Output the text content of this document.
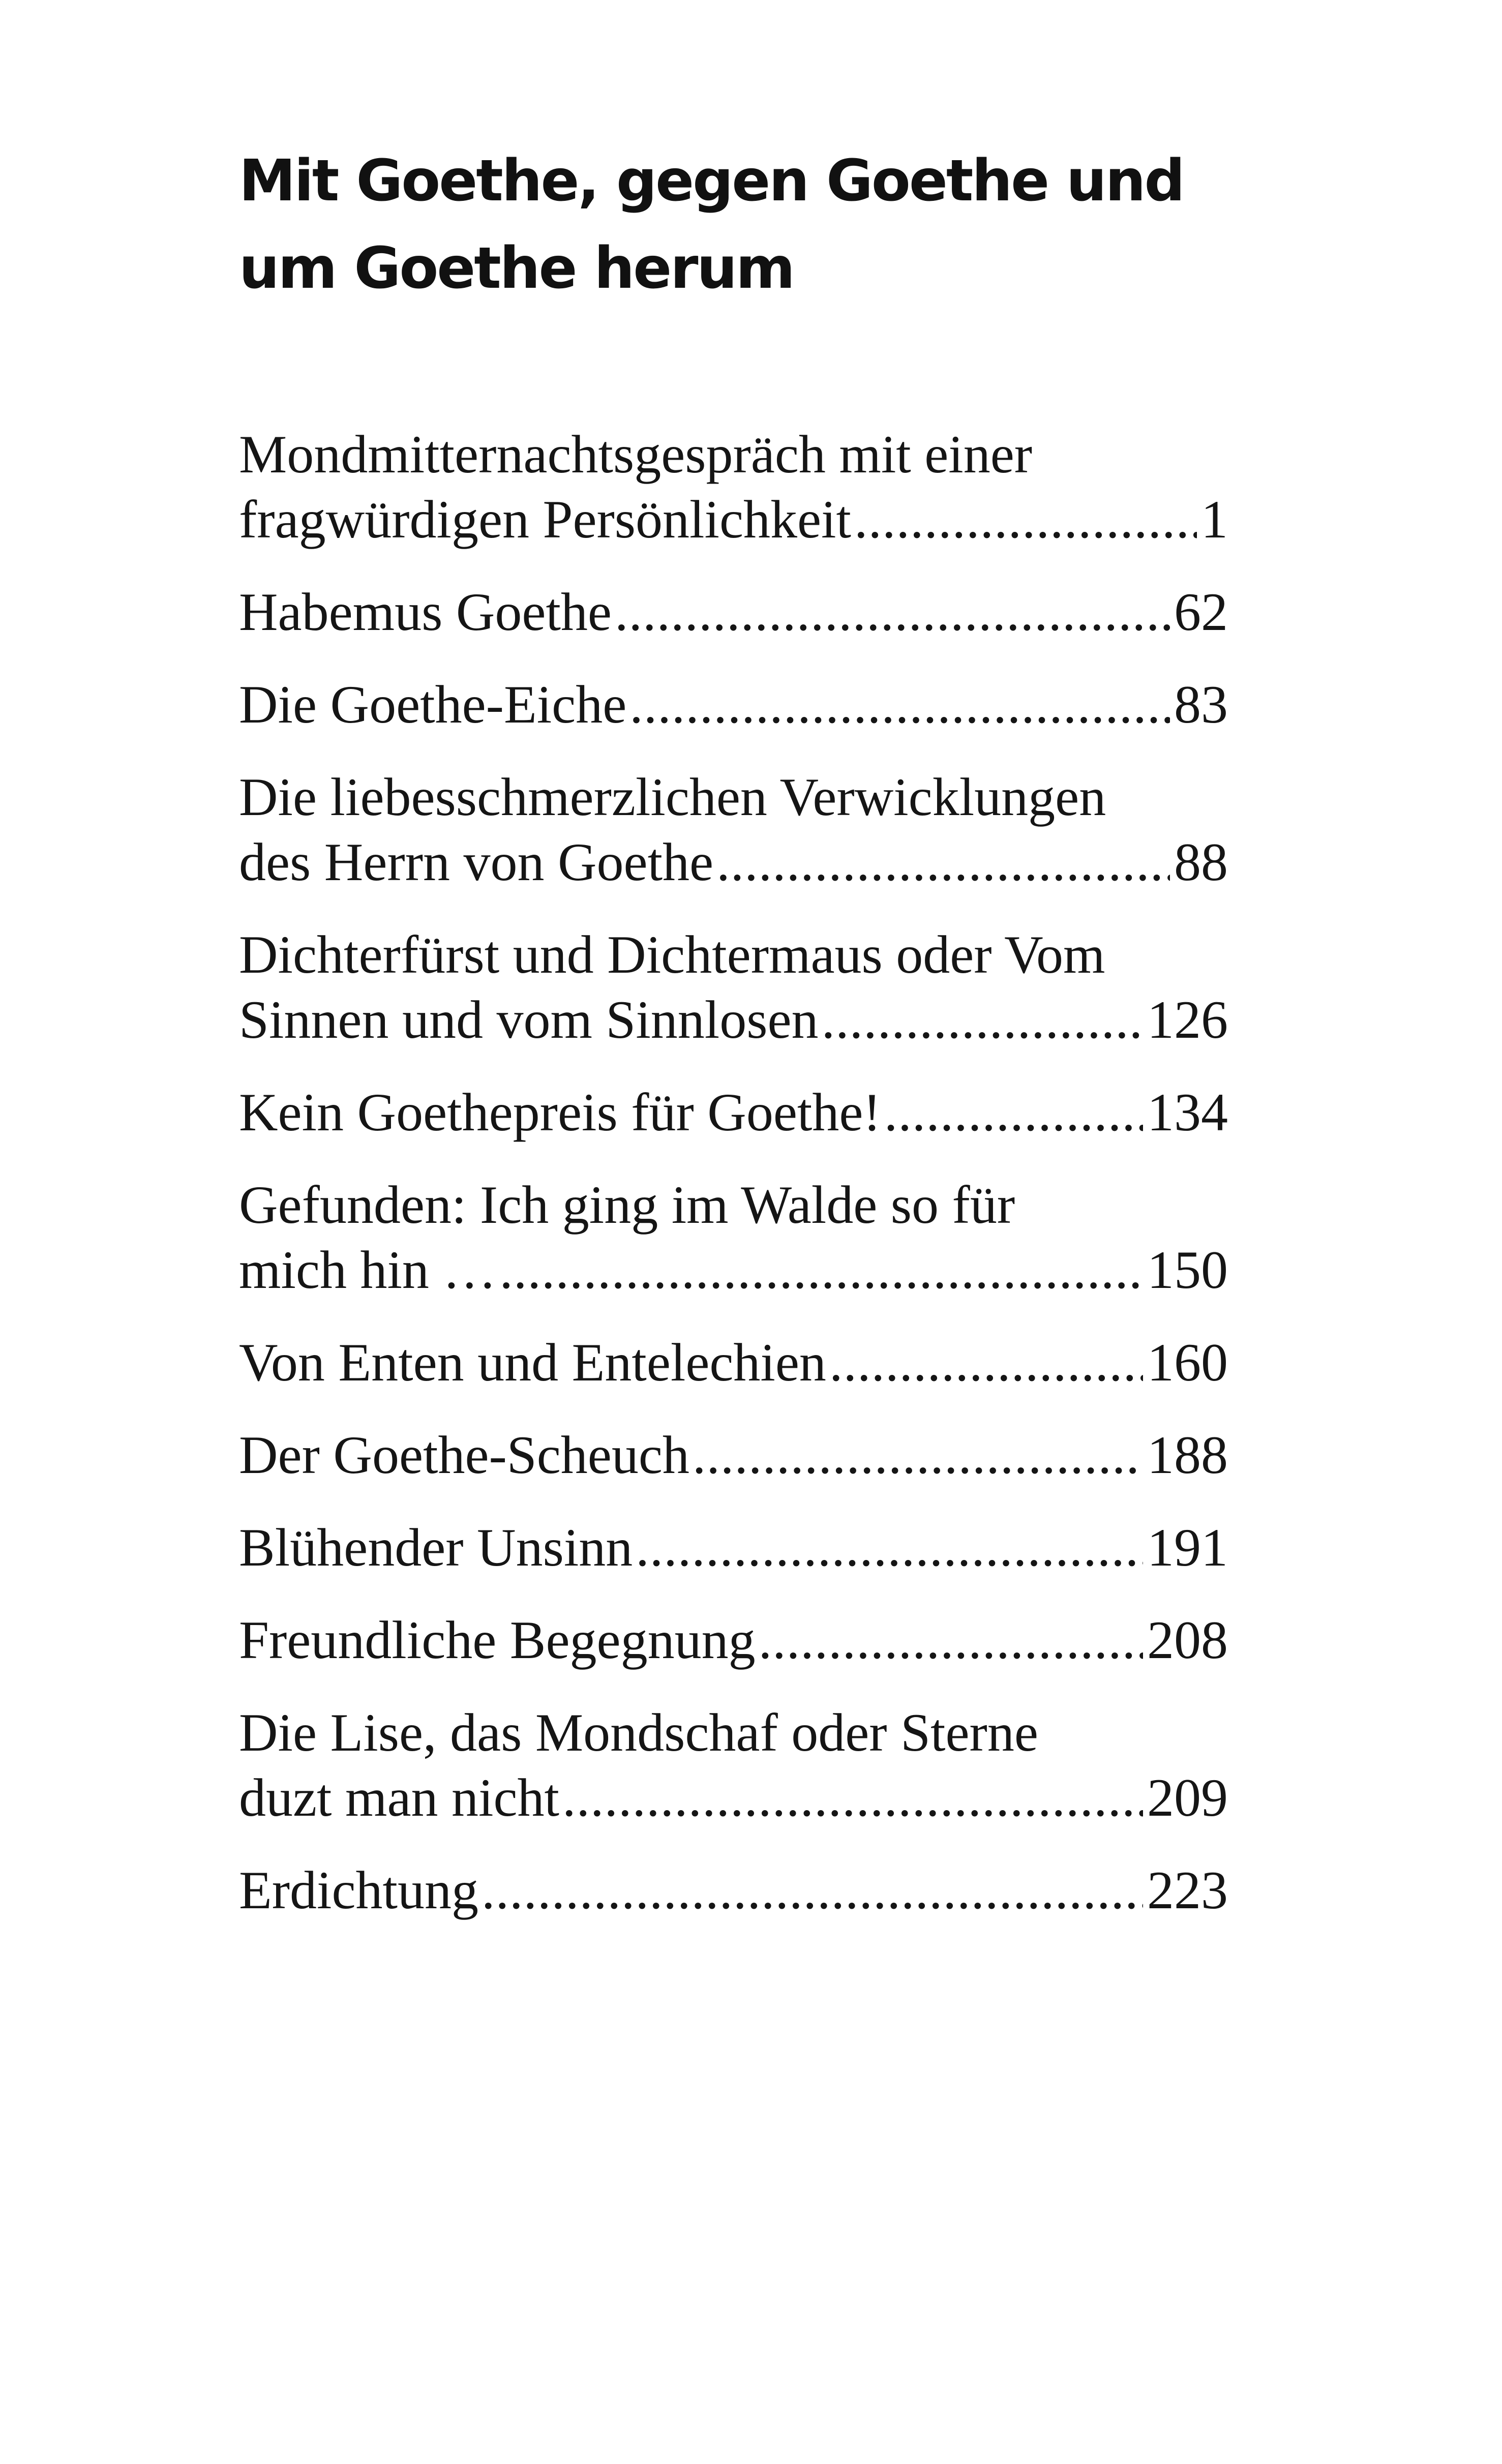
Mit Goethe, gegen Goethe und um Goethe herum
Mondmitternachtsgespräch mit einer
fragwürdigen Persönlichkeit .....	1
Habemus Goethe .....	62
Die Goethe-Eiche .....	83
Die liebesschmerzlichen Verwicklungen
des Herrn von Goethe .....	88
Dichterfürst und Dichtermaus oder Vom
Sinnen und vom Sinnlosen .....	126
Kein Goethepreis für Goethe! .....	134
Gefunden: Ich ging im Walde so für
mich hin … .....	150
Von Enten und Entelechien .....	160
Der Goethe-Scheuch .....	188
Blühender Unsinn .....	191
Freundliche Begegnung .....	208
Die Lise, das Mondschaf oder Sterne
duzt man nicht .....	209
Erdichtung .....	223
